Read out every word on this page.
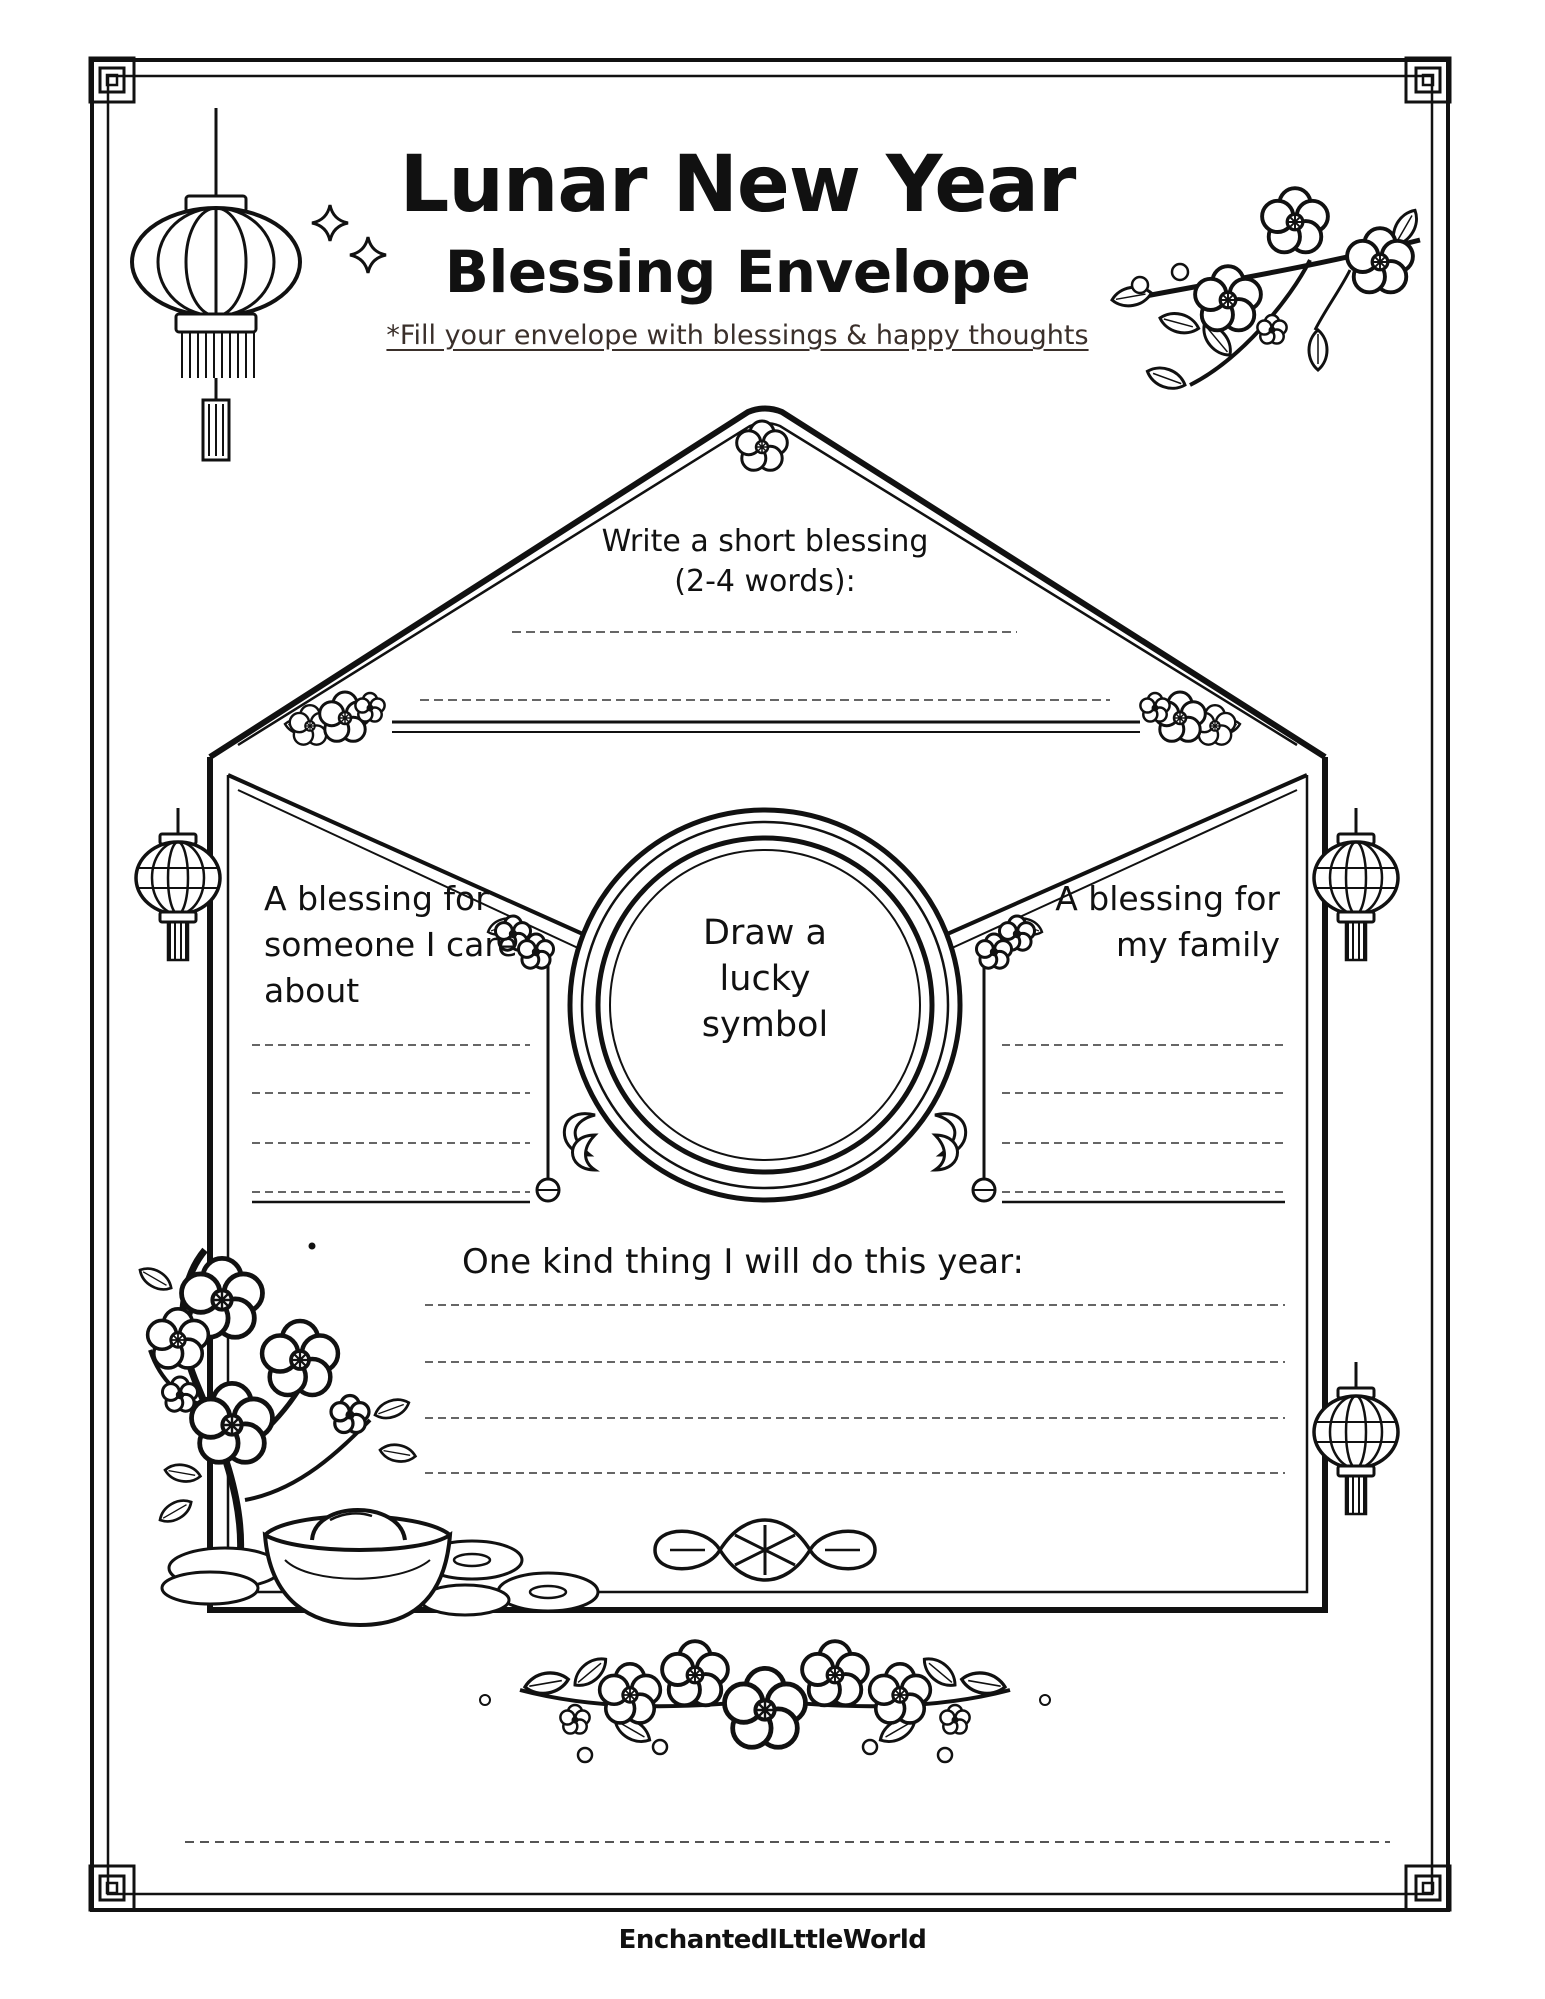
Lunar New Year
Blessing Envelope
*Fill your envelope with blessings & happy thoughts
Write a short blessing (2-4 words):
A blessing for someone I care about
A blessing for my family
Draw a lucky symbol
One kind thing I will do this year:
EnchantedlLttleWorld
